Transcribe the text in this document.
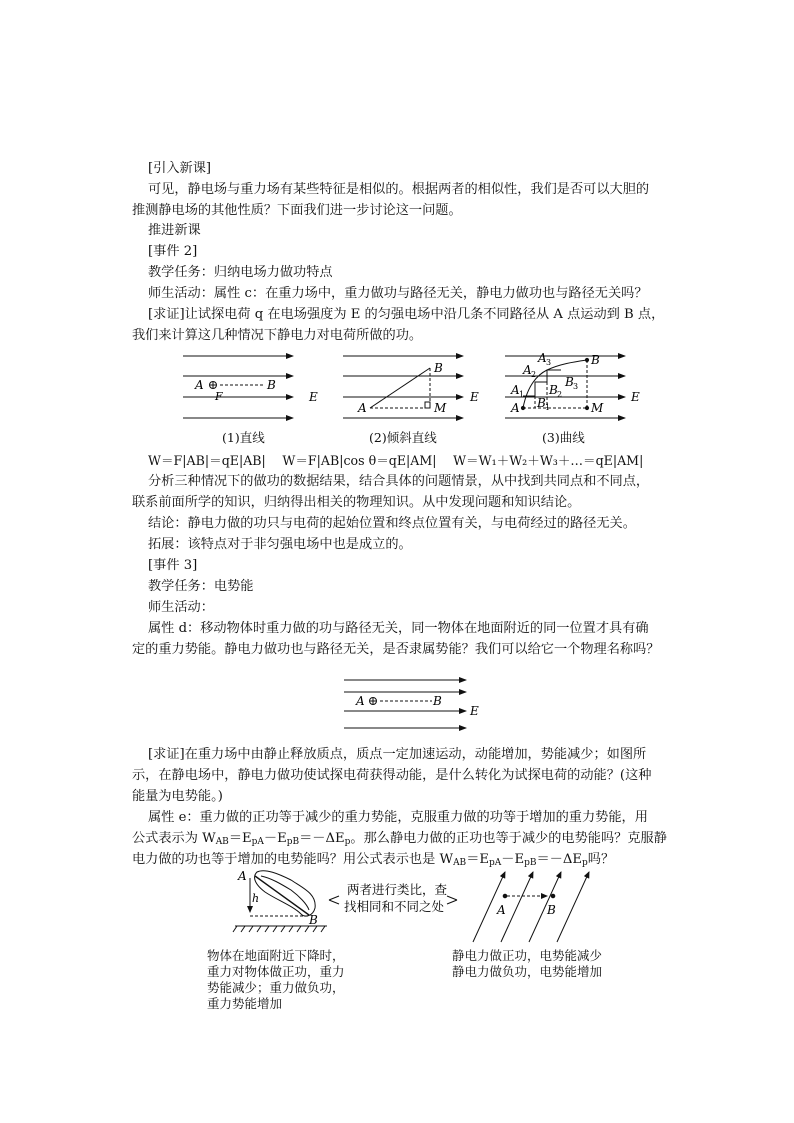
[引入新课]
可见，静电场与重力场有某些特征是相似的。根据两者的相似性，我们是否可以大胆的
推测静电场的其他性质？下面我们进一步讨论这一问题。
推进新课
[事件 2]
教学任务：归纳电场力做功特点
师生活动：属性 c：在重力场中，重力做功与路径无关，静电力做功也与路径无关吗？
[求证]让试探电荷 q 在电场强度为 E 的匀强电场中沿几条不同路径从 A 点运动到 B 点，
我们来计算这几种情况下静电力对电荷所做的功。
A	B
F	E
A
B
M
E
A
B
M
A 1
A 2
A 3
B 1
B 2
B 3
E
(1)直线	(2)倾斜直线	(3)曲线
W＝F|AB|＝qE|AB|　 W＝F|AB|cos θ＝qE|AM|　 W＝W₁＋W₂＋W₃＋…＝qE|AM|
分析三种情况下的做功的数据结果，结合具体的问题情景，从中找到共同点和不同点，
联系前面所学的知识，归纳得出相关的物理知识。从中发现问题和知识结论。
结论：静电力做的功只与电荷的起始位置和终点位置有关，与电荷经过的路径无关。
拓展：该特点对于非匀强电场中也是成立的。
[事件 3]
教学任务：电势能
师生活动：
属性 d：移动物体时重力做的功与路径无关，同一物体在地面附近的同一位置才具有确
定的重力势能。静电力做功也与路径无关，是否隶属势能？我们可以给它一个物理名称吗？
A	B
E
[求证]在重力场中由静止释放质点，质点一定加速运动，动能增加，势能减少；如图所
示，在静电场中，静电力做功使试探电荷获得动能，是什么转化为试探电荷的动能？(这种
能量为电势能。)
属性 e：重力做的正功等于减少的重力势能，克服重力做的功等于增加的重力势能，用
公式表示为 $W_{AB}=E_{pA}-E_{pB}=-\Delta E_p$。那么静电力做的正功也等于减少的电势能吗？克服静
电力做的功也等于增加的电势能吗？用公式表示也是 $W_{AB}=E_{pA}-E_{pB}=-\Delta E_p$吗？
A
B
h
两者进行类比，查
找相同和不同之处	A	B
物体在地面附近下降时，
重力对物体做正功，重力
势能减少；重力做负功，
重力势能增加
静电力做正功，电势能减少
静电力做负功，电势能增加
